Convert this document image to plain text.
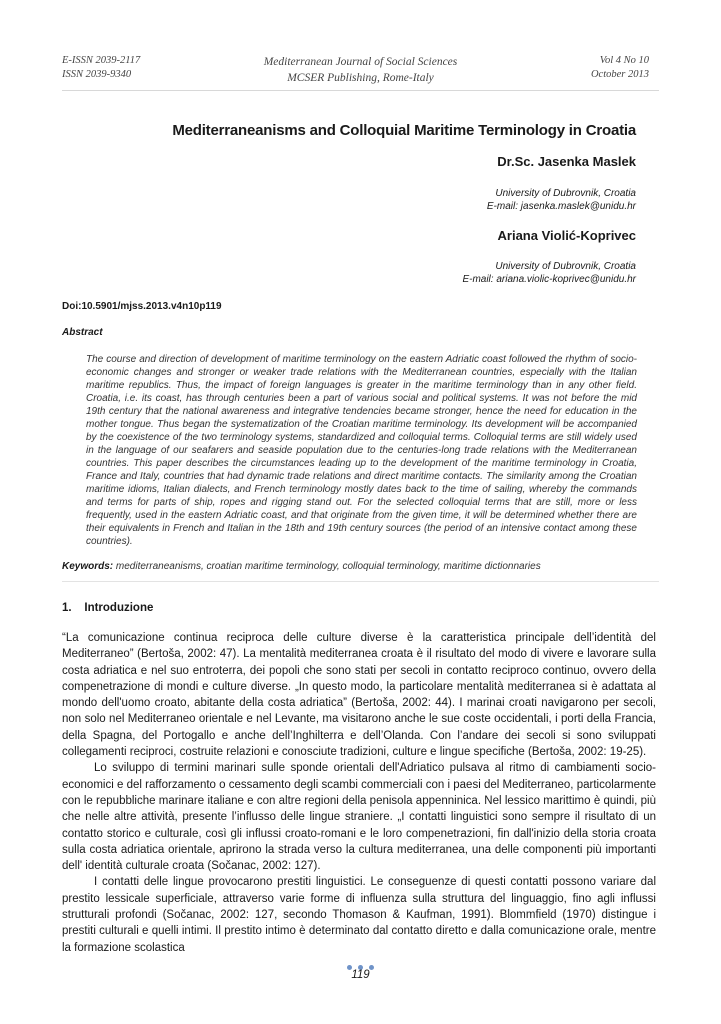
E-ISSN 2039-2117
ISSN 2039-9340
Mediterranean Journal of Social Sciences
MCSER Publishing, Rome-Italy
Vol 4 No 10
October 2013
Mediterraneanisms and Colloquial Maritime Terminology in Croatia
Dr.Sc. Jasenka Maslek
University of Dubrovnik, Croatia
E-mail: jasenka.maslek@unidu.hr
Ariana Violić-Koprivec
University of Dubrovnik, Croatia
E-mail: ariana.violic-koprivec@unidu.hr
Doi:10.5901/mjss.2013.v4n10p119
Abstract
The course and direction of development of maritime terminology on the eastern Adriatic coast followed the rhythm of socio-economic changes and stronger or weaker trade relations with the Mediterranean countries, especially with the Italian maritime republics. Thus, the impact of foreign languages is greater in the maritime terminology than in any other field. Croatia, i.e. its coast, has through centuries been a part of various social and political systems. It was not before the mid 19th century that the national awareness and integrative tendencies became stronger, hence the need for education in the mother tongue. Thus began the systematization of the Croatian maritime terminology. Its development will be accompanied by the coexistence of the two terminology systems, standardized and colloquial terms. Colloquial terms are still widely used in the language of our seafarers and seaside population due to the centuries-long trade relations with the Mediterranean countries. This paper describes the circumstances leading up to the development of the maritime terminology in Croatia, France and Italy, countries that had dynamic trade relations and direct maritime contacts. The similarity among the Croatian maritime idioms, Italian dialects, and French terminology mostly dates back to the time of sailing, whereby the commands and terms for parts of ship, ropes and rigging stand out. For the selected colloquial terms that are still, more or less frequently, used in the eastern Adriatic coast, and that originate from the given time, it will be determined whether there are their equivalents in French and Italian in the 18th and 19th century sources (the period of an intensive contact among these countries).
Keywords: mediterraneanisms, croatian maritime terminology, colloquial terminology, maritime dictionnaries
1.    Introduzione

“La comunicazione continua reciproca delle culture diverse è la caratteristica principale dell’identità del Mediterraneo” (Bertoša, 2002: 47). La mentalità mediterranea croata è il risultato del modo di vivere e lavorare sulla costa adriatica e nel suo entroterra, dei popoli che sono stati per secoli in contatto reciproco continuo, ovvero della compenetrazione di mondi e culture diverse. „In questo modo, la particolare mentalità mediterranea si è adattata al mondo dell'uomo croato, abitante della costa adriatica” (Bertoša, 2002: 44). I marinai croati navigarono per secoli, non solo nel Mediterraneo orientale e nel Levante, ma visitarono anche le sue coste occidentali, i porti della Francia, della Spagna, del Portogallo e anche dell’Inghilterra e dell’Olanda. Con l’andare dei secoli si sono sviluppati collegamenti reciproci, costruite relazioni e conosciute tradizioni, culture e lingue specifiche (Bertoša, 2002: 19-25).

Lo sviluppo di termini marinari sulle sponde orientali dell'Adriatico pulsava al ritmo di cambiamenti socio-economici e del rafforzamento o cessamento degli scambi commerciali con i paesi del Mediterraneo, particolarmente con le repubbliche marinare italiane e con altre regioni della penisola appenninica. Nel lessico marittimo è quindi, più che nelle altre attività, presente l’influsso delle lingue straniere. „I contatti linguistici sono sempre il risultato di un contatto storico e culturale, così gli influssi croato-romani e le loro compenetrazioni, fin dall'inizio della storia croata sulla costa adriatica orientale, aprirono la strada verso la cultura mediterranea, una delle componenti più importanti dell' identità culturale croata (Sočanac, 2002: 127).

I contatti delle lingue provocarono prestiti linguistici. Le conseguenze di questi contatti possono variare dal prestito lessicale superficiale, attraverso varie forme di influenza sulla struttura del linguaggio, fino agli influssi strutturali profondi (Sočanac, 2002: 127, secondo Thomason & Kaufman, 1991). Blommfield (1970) distingue i prestiti culturali e quelli intimi. Il prestito intimo è determinato dal contatto diretto e dalla comunicazione orale, mentre la formazione scolastica

119
